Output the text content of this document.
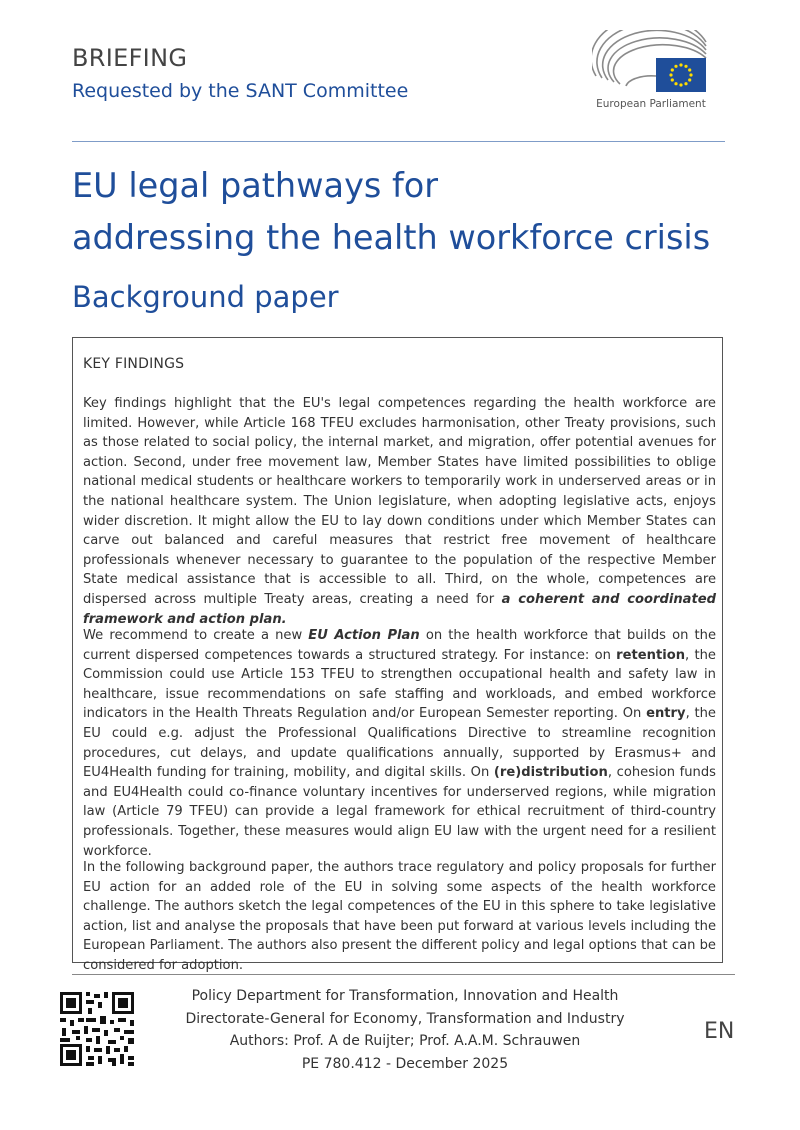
BRIEFING
Requested by the SANT Committee
European Parliament
EU legal pathways for
addressing the health workforce crisis
Background paper
KEY FINDINGS
Key findings highlight that the EU's legal competences regarding the health workforce are limited. However, while Article 168 TFEU excludes harmonisation, other Treaty provisions, such as those related to social policy, the internal market, and migration, offer potential avenues for action. Second, under free movement law, Member States have limited possibilities to oblige national medical students or healthcare workers to temporarily work in underserved areas or in the national healthcare system. The Union legislature, when adopting legislative acts, enjoys wider discretion. It might allow the EU to lay down conditions under which Member States can carve out balanced and careful measures that restrict free movement of healthcare professionals whenever necessary to guarantee to the population of the respective Member State medical assistance that is accessible to all. Third, on the whole, competences are dispersed across multiple Treaty areas, creating a need for a coherent and coordinated framework and action plan.
We recommend to create a new EU Action Plan on the health workforce that builds on the current dispersed competences towards a structured strategy. For instance: on retention, the Commission could use Article 153 TFEU to strengthen occupational health and safety law in healthcare, issue recommendations on safe staffing and workloads, and embed workforce indicators in the Health Threats Regulation and/or European Semester reporting. On entry, the EU could e.g. adjust the Professional Qualifications Directive to streamline recognition procedures, cut delays, and update qualifications annually, supported by Erasmus+ and EU4Health funding for training, mobility, and digital skills. On (re)distribution, cohesion funds and EU4Health could co-finance voluntary incentives for underserved regions, while migration law (Article 79 TFEU) can provide a legal framework for ethical recruitment of third-country professionals. Together, these measures would align EU law with the urgent need for a resilient workforce.
In the following background paper, the authors trace regulatory and policy proposals for further EU action for an added role of the EU in solving some aspects of the health workforce challenge. The authors sketch the legal competences of the EU in this sphere to take legislative action, list and analyse the proposals that have been put forward at various levels including the European Parliament. The authors also present the different policy and legal options that can be considered for adoption.
Policy Department for Transformation, Innovation and Health
Directorate-General for Economy, Transformation and Industry
Authors: Prof. A de Ruijter; Prof. A.A.M. Schrauwen
PE 780.412 - December 2025
EN
